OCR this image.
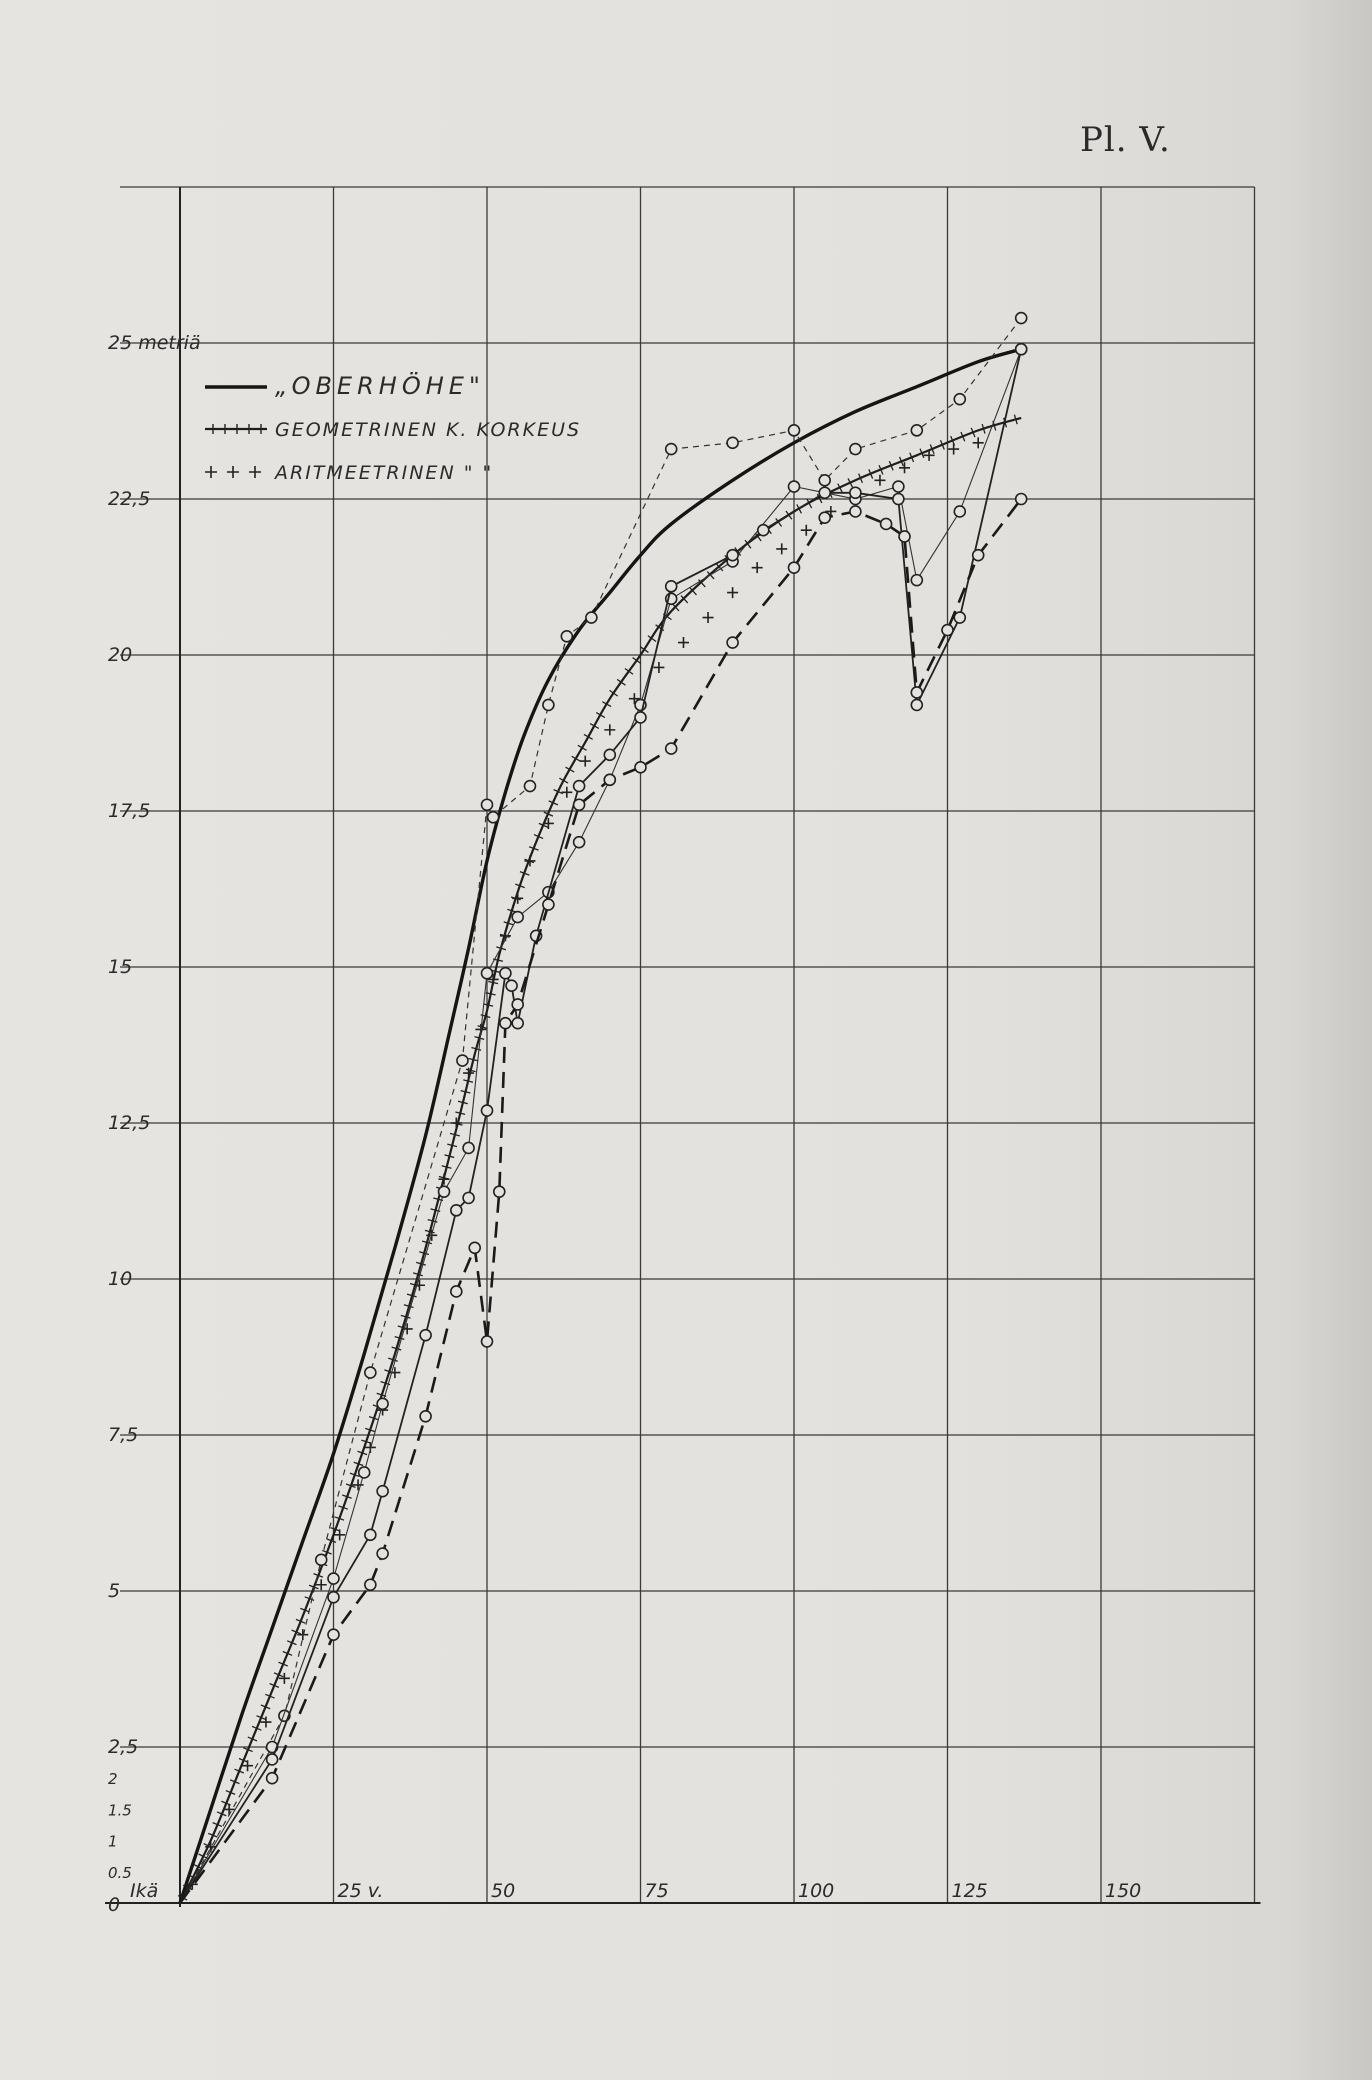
Pl. V.
0
0.5
1
1.5
2
2,5
5
7,5
10
12,5
15
17,5
20
22,5
25 metriä
Ikä	25 v.	50	75	100	125	150
„OBERHÖHE"
GEOMETRINEN K. KORKEUS
ARITMEETRINEN " "
